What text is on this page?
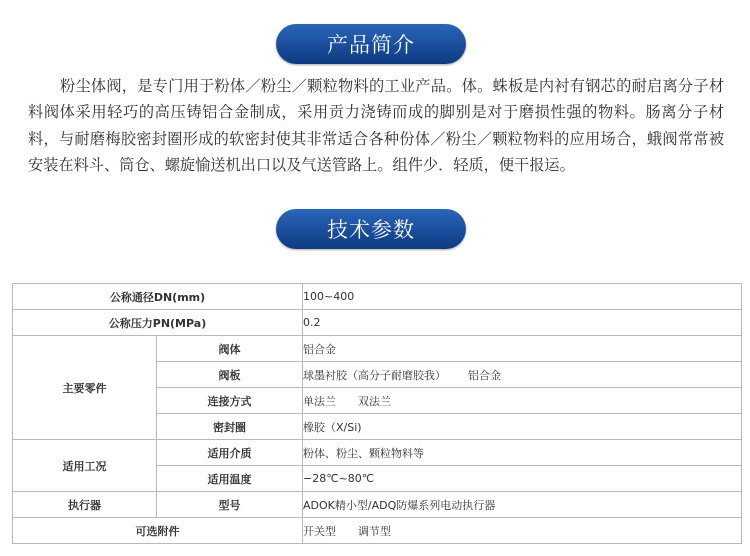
产品简介

粉尘体阀，是专门用于粉体／粉尘／颗粒物料的工业产品。体。蛛板是内衬有钢芯的耐启离分子材料阀体采用轻巧的高压铸铝合金制成，采用贡力浇铸而成的脚别是对于磨损性强的物料。肠离分子材料，与耐磨梅胶密封圈形成的软密封使其非常适合各种份体／粉尘／颗粒物料的应用场合，蛾阀常常被安装在料斗、筒仓、螺旋愉送机出口以及气送管路上。组件少．轻质，便干报运。

技术参数
公称通径DN(mm)		100~400
公称压力PN(MPa)		0.2
主要零件	阀体	铝合金
	阀板	球墨衬胶（高分子耐磨胶我） 铝合金
	连接方式	单法兰 双法兰
	密封圈	橡胶（X/Si)
适用工况	适用介质	粉体、粉尘、颗粒物料等
	适用温度	−28℃~80℃
执行器	型号	ADOK精小型/ADQ防爆系列电动执行器
可选附件		开关型 调节型
